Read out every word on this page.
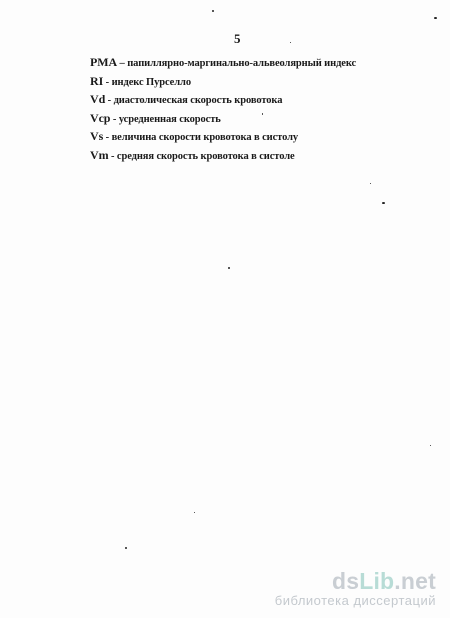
5
PMA – папиллярно-маргинально-альвеолярный индекс
RI - индекс Пурселло
Vd - диастолическая скорость кровотока
Vcp - усредненная скорость
Vs - величина скорости кровотока в систолу
Vm - средняя скорость кровотока в систоле
dsLib.net
библиотека диссертаций
